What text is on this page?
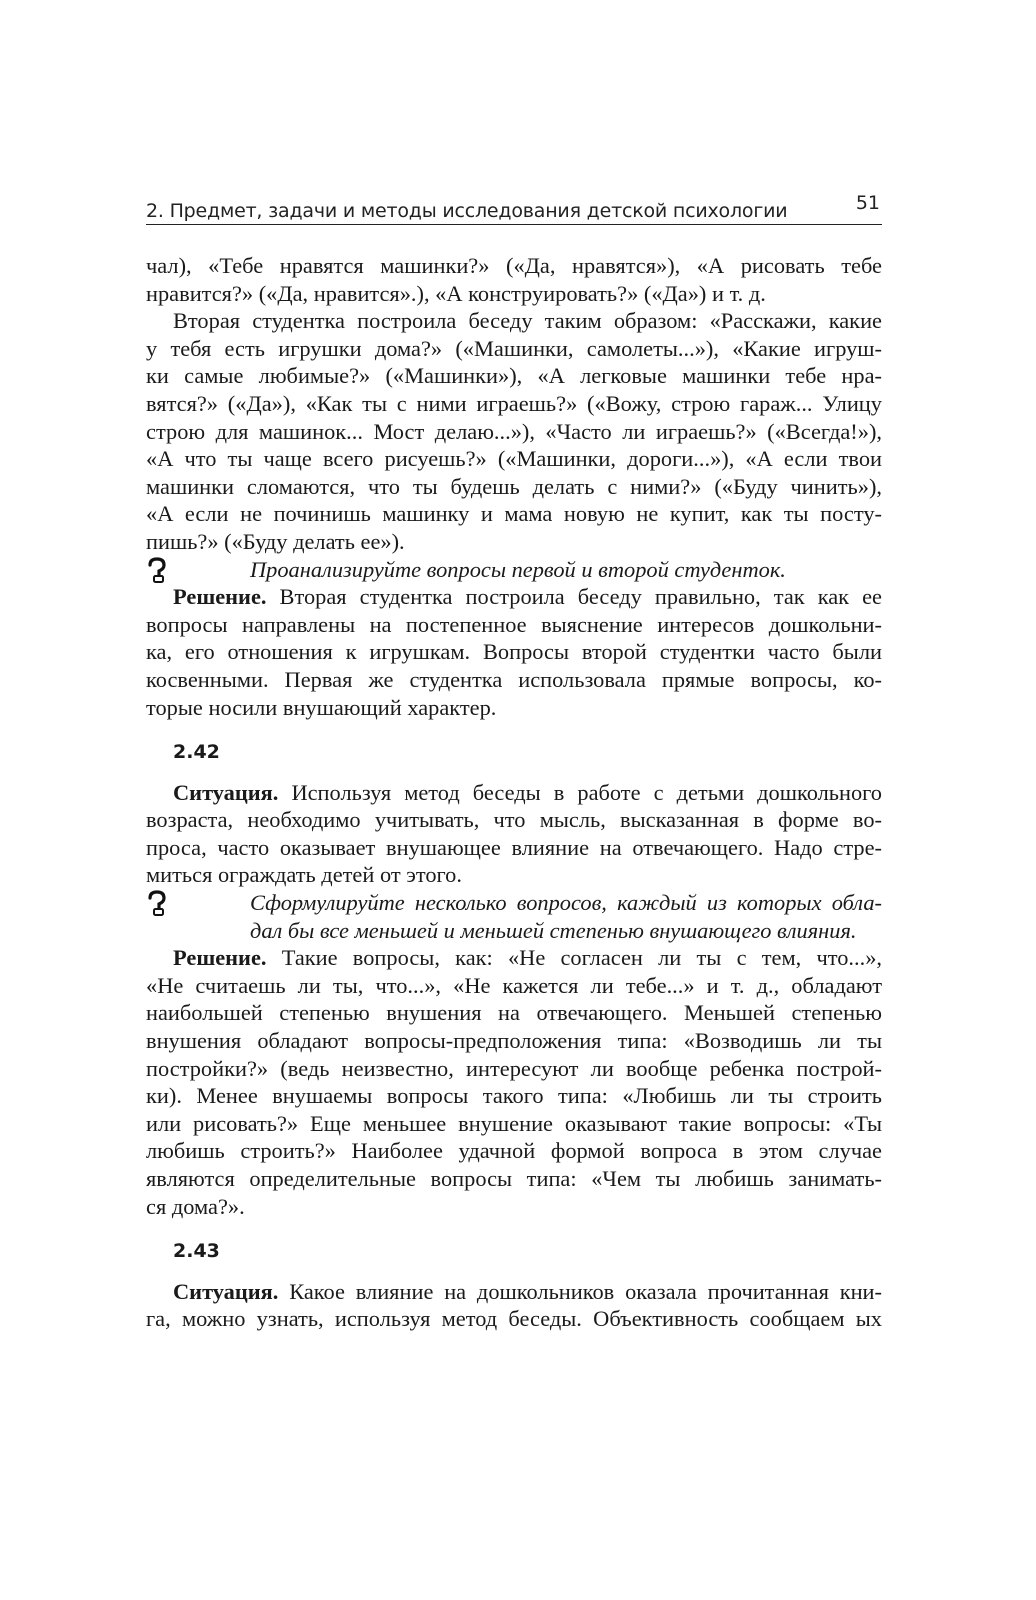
2. Предмет, задачи и методы исследования детской психологии	51
чал), «Тебе нравятся машинки?» («Да, нравятся»), «А рисовать тебе
нравится?» («Да, нравится».), «А конструировать?» («Да») и т. д.
Вторая студентка построила беседу таким образом: «Расскажи, какие
у тебя есть игрушки дома?» («Машинки, самолеты...»), «Какие игруш-
ки самые любимые?» («Машинки»), «А легковые машинки тебе нра-
вятся?» («Да»), «Как ты с ними играешь?» («Вожу, строю гараж... Улицу
строю для машинок... Мост делаю...»), «Часто ли играешь?» («Всегда!»),
«А что ты чаще всего рисуешь?» («Машинки, дороги...»), «А если твои
машинки сломаются, что ты будешь делать с ними?» («Буду чинить»),
«А если не починишь машинку и мама новую не купит, как ты посту-
пишь?» («Буду делать ее»).
Проанализируйте вопросы первой и второй студенток.
Решение. Вторая студентка построила беседу правильно, так как ее
вопросы направлены на постепенное выяснение интересов дошкольни-
ка, его отношения к игрушкам. Вопросы второй студентки часто были
косвенными. Первая же студентка использовала прямые вопросы, ко-
торые носили внушающий характер.
2.42
Ситуация. Используя метод беседы в работе с детьми дошкольного
возраста, необходимо учитывать, что мысль, высказанная в форме во-
проса, часто оказывает внушающее влияние на отвечающего. Надо стре-
миться ограждать детей от этого.
Сформулируйте несколько вопросов, каждый из которых обла-
дал бы все меньшей и меньшей степенью внушающего влияния.
Решение. Такие вопросы, как: «Не согласен ли ты с тем, что...»,
«Не считаешь ли ты, что...», «Не кажется ли тебе...» и т. д., обладают
наибольшей степенью внушения на отвечающего. Меньшей степенью
внушения обладают вопросы-предположения типа: «Возводишь ли ты
постройки?» (ведь неизвестно, интересуют ли вообще ребенка построй-
ки). Менее внушаемы вопросы такого типа: «Любишь ли ты строить
или рисовать?» Еще меньшее внушение оказывают такие вопросы: «Ты
любишь строить?» Наиболее удачной формой вопроса в этом случае
являются определительные вопросы типа: «Чем ты любишь занимать-
ся дома?».
2.43
Ситуация. Какое влияние на дошкольников оказала прочитанная кни-
га, можно узнать, используя метод беседы. Объективность сообщаем ых
